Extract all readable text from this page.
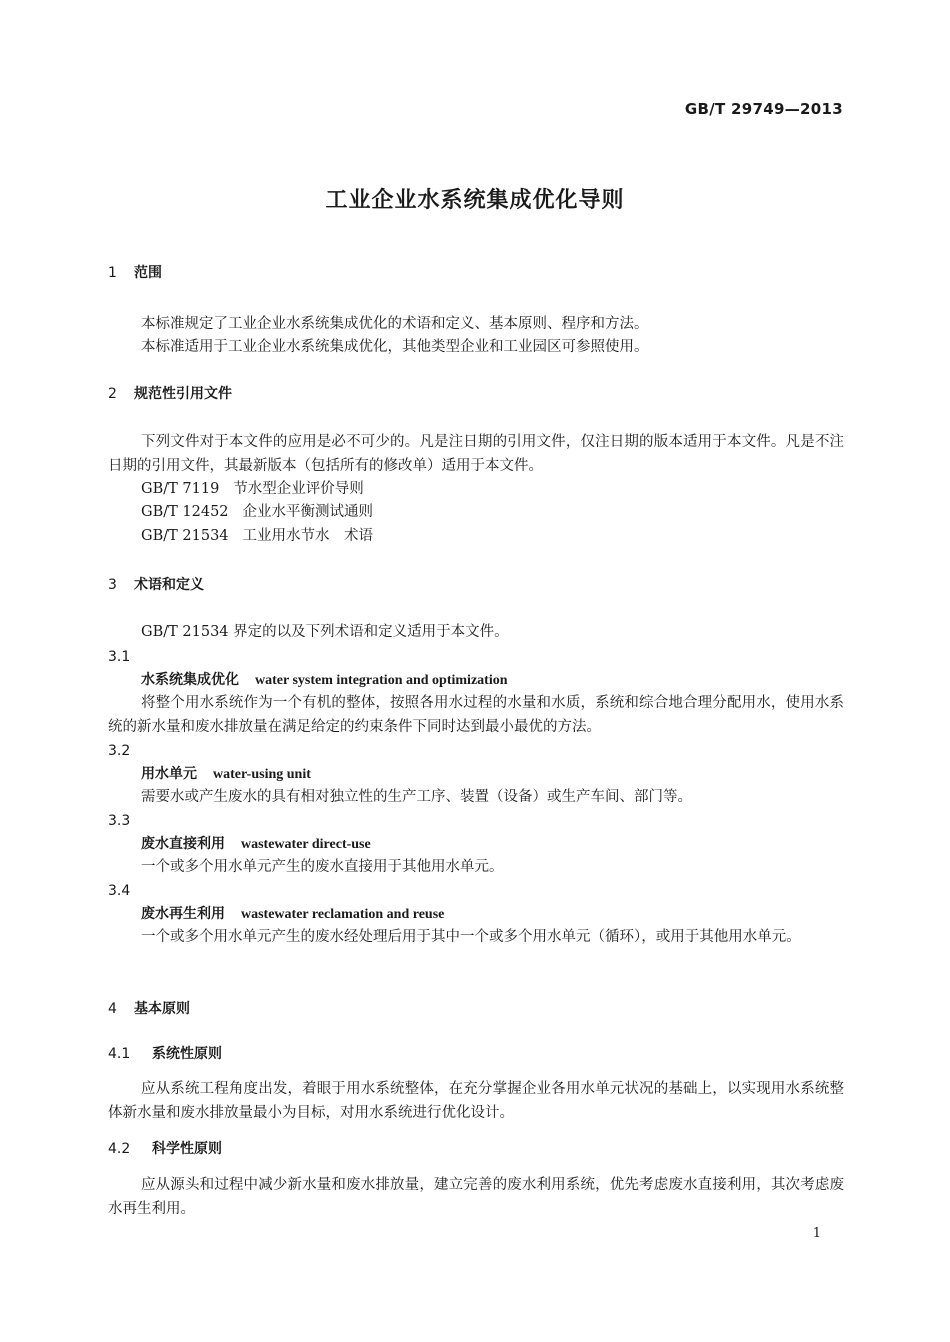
GB/T 29749—2013
工业企业水系统集成优化导则
1 范围
本标准规定了工业企业水系统集成优化的术语和定义、基本原则、程序和方法。
本标准适用于工业企业水系统集成优化，其他类型企业和工业园区可参照使用。
2 规范性引用文件
下列文件对于本文件的应用是必不可少的。凡是注日期的引用文件，仅注日期的版本适用于本文件。凡是不注日期的引用文件，其最新版本（包括所有的修改单）适用于本文件。
GB/T 7119 节水型企业评价导则
GB/T 12452 企业水平衡测试通则
GB/T 21534 工业用水节水　术语
3 术语和定义
GB/T 21534 界定的以及下列术语和定义适用于本文件。
3.1
水系统集成优化 water system integration and optimization
将整个用水系统作为一个有机的整体，按照各用水过程的水量和水质，系统和综合地合理分配用水，使用水系统的新水量和废水排放量在满足给定的约束条件下同时达到最小最优的方法。
3.2
用水单元 water-using unit
需要水或产生废水的具有相对独立性的生产工序、装置（设备）或生产车间、部门等。
3.3
废水直接利用 wastewater direct-use
一个或多个用水单元产生的废水直接用于其他用水单元。
3.4
废水再生利用 wastewater reclamation and reuse
一个或多个用水单元产生的废水经处理后用于其中一个或多个用水单元（循环），或用于其他用水单元。
4 基本原则
4.1 系统性原则
应从系统工程角度出发，着眼于用水系统整体，在充分掌握企业各用水单元状况的基础上，以实现用水系统整体新水量和废水排放量最小为目标，对用水系统进行优化设计。
4.2 科学性原则
应从源头和过程中减少新水量和废水排放量，建立完善的废水利用系统，优先考虑废水直接利用，其次考虑废水再生利用。
1
